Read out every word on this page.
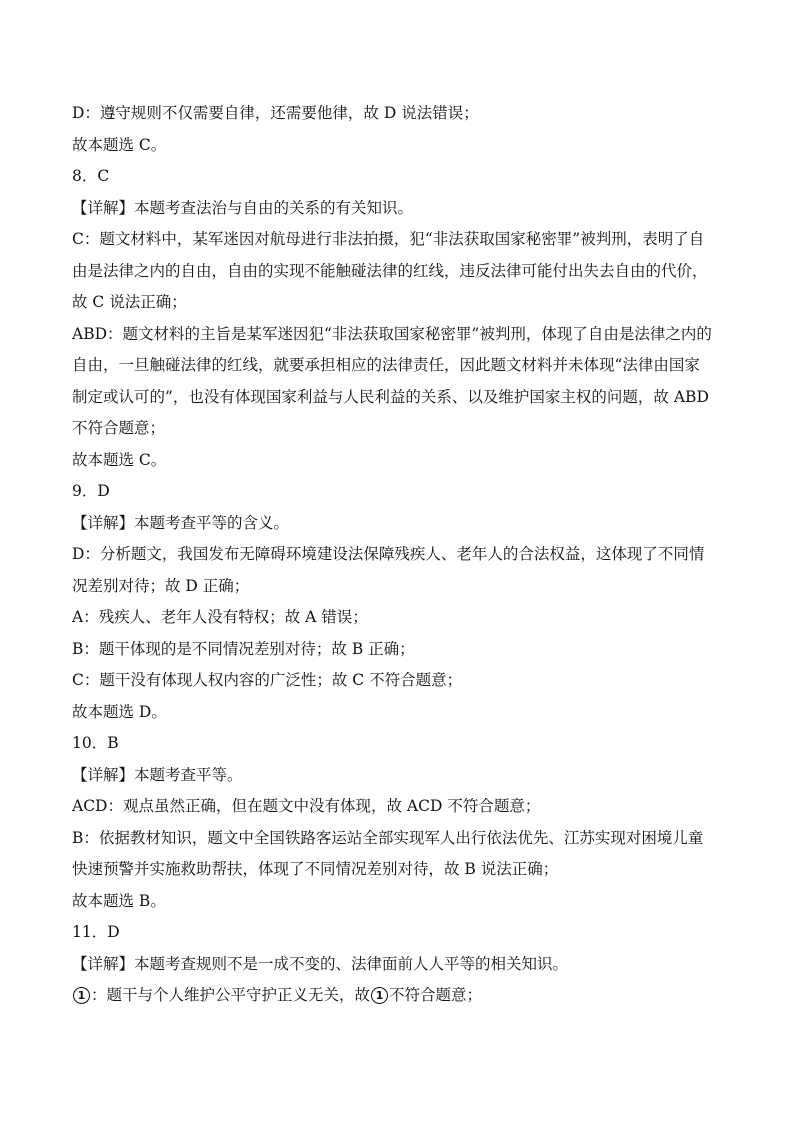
D：遵守规则不仅需要自律，还需要他律，故 D 说法错误；
故本题选 C。
8．C
【详解】本题考查法治与自由的关系的有关知识。
C：题文材料中，某军迷因对航母进行非法拍摄，犯“非法获取国家秘密罪”被判刑，表明了自
由是法律之内的自由，自由的实现不能触碰法律的红线，违反法律可能付出失去自由的代价，
故 C 说法正确；
ABD：题文材料的主旨是某军迷因犯“非法获取国家秘密罪”被判刑，体现了自由是法律之内的
自由，一旦触碰法律的红线，就要承担相应的法律责任，因此题文材料并未体现“法律由国家
制定或认可的”，也没有体现国家利益与人民利益的关系、以及维护国家主权的问题，故 ABD
不符合题意；
故本题选 C。
9．D
【详解】本题考查平等的含义。
D：分析题文，我国发布无障碍环境建设法保障残疾人、老年人的合法权益，这体现了不同情
况差别对待；故 D 正确；
A：残疾人、老年人没有特权；故 A 错误；
B：题干体现的是不同情况差别对待；故 B 正确；
C：题干没有体现人权内容的广泛性；故 C 不符合题意；
故本题选 D。
10．B
【详解】本题考查平等。
ACD：观点虽然正确，但在题文中没有体现，故 ACD 不符合题意；
B：依据教材知识，题文中全国铁路客运站全部实现军人出行依法优先、江苏实现对困境儿童
快速预警并实施救助帮扶，体现了不同情况差别对待，故 B 说法正确；
故本题选 B。
11．D
【详解】本题考查规则不是一成不变的、法律面前人人平等的相关知识。
1 ：题干与个人维护公平守护正义无关，故 1 不符合题意；
